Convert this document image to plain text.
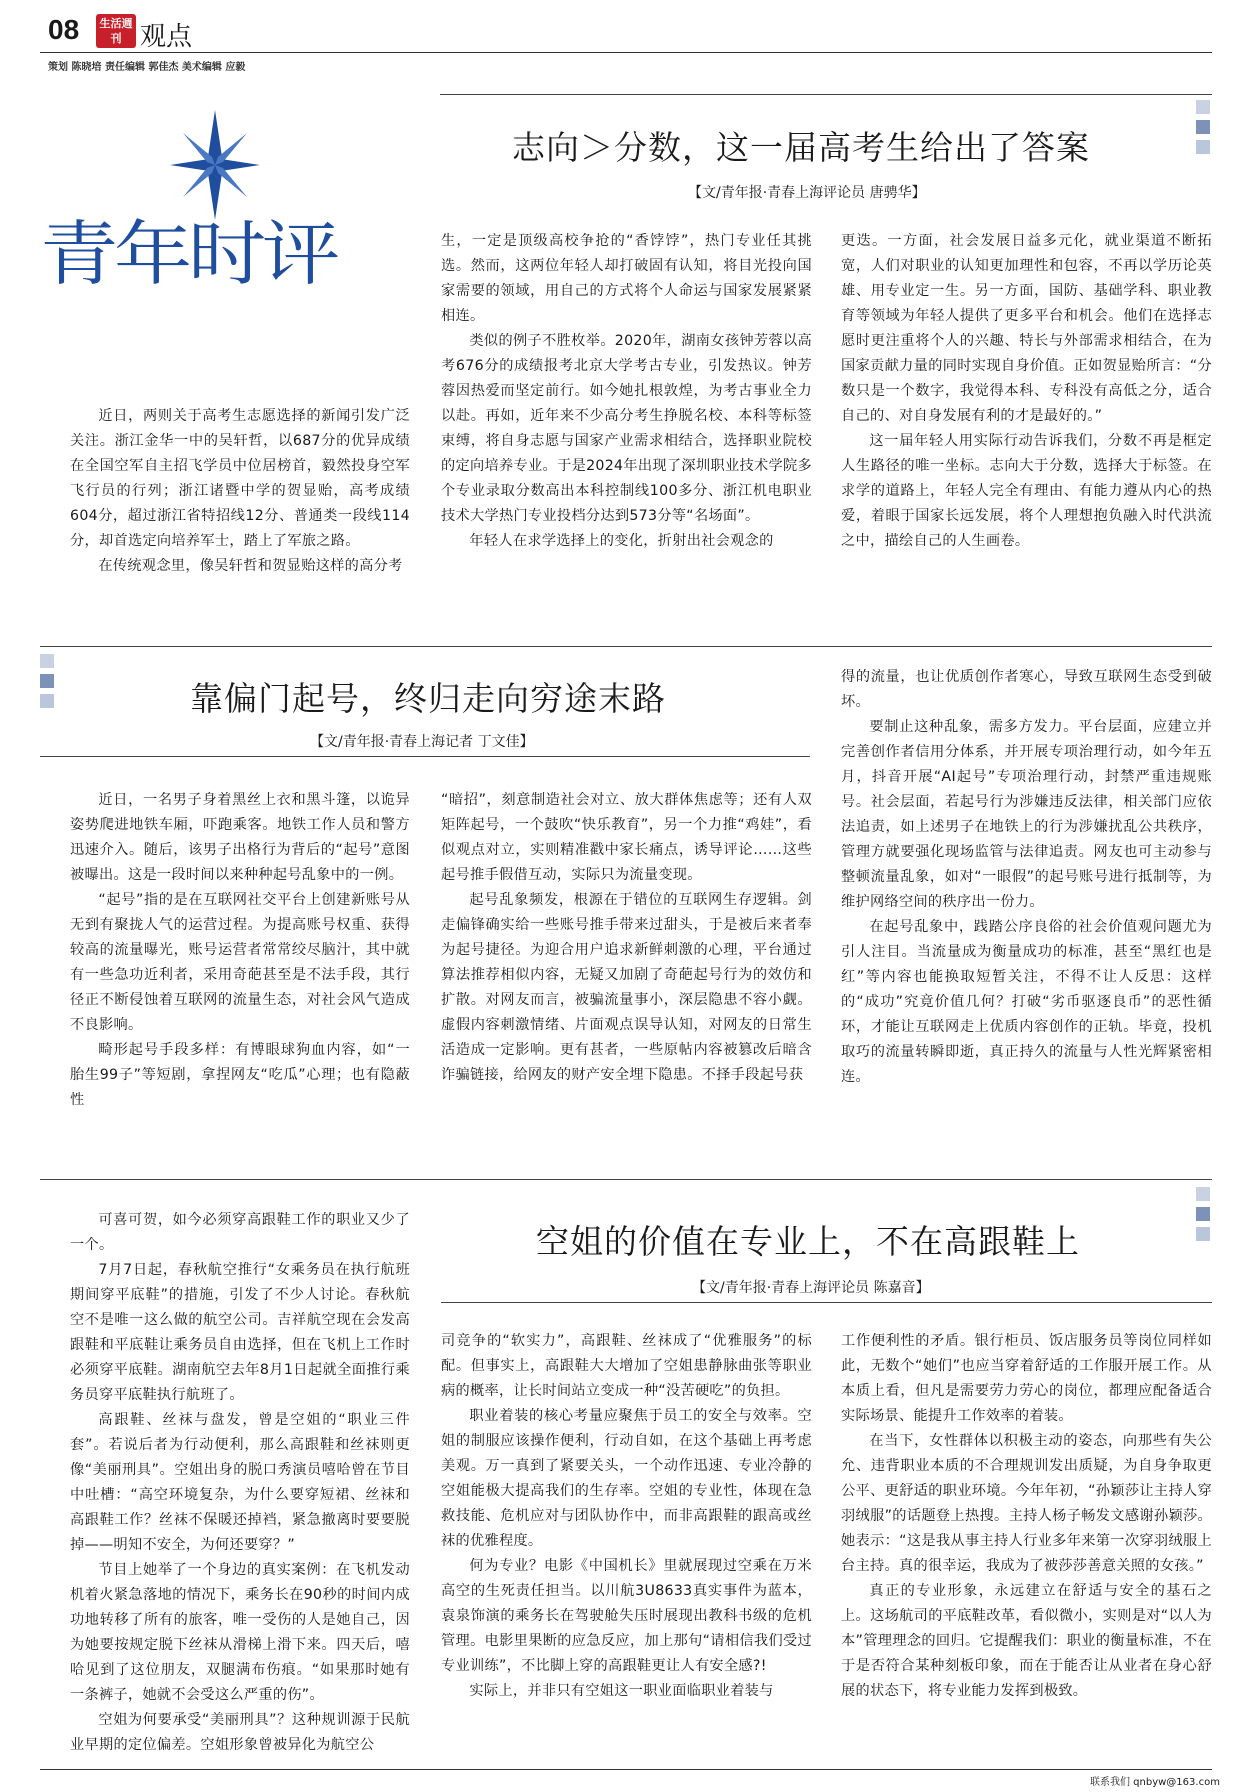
08	生活週刊 观点
策划 陈晓培 责任编辑 郭佳杰 美术编辑 应毅
青年时评
志向＞分数，这一届高考生给出了答案
【文/青年报·青春上海评论员 唐骋华】

近日，两则关于高考生志愿选择的新闻引发广泛关注。浙江金华一中的吴轩哲，以687分的优异成绩在全国空军自主招飞学员中位居榜首，毅然投身空军飞行员的行列；浙江诸暨中学的贺显贻，高考成绩604分，超过浙江省特招线12分、普通类一段线114分，却首选定向培养军士，踏上了军旅之路。

在传统观念里，像吴轩哲和贺显贻这样的高分考

生，一定是顶级高校争抢的“香饽饽”，热门专业任其挑选。然而，这两位年轻人却打破固有认知，将目光投向国家需要的领域，用自己的方式将个人命运与国家发展紧紧相连。

类似的例子不胜枚举。2020年，湖南女孩钟芳蓉以高考676分的成绩报考北京大学考古专业，引发热议。钟芳蓉因热爱而坚定前行。如今她扎根敦煌，为考古事业全力以赴。再如，近年来不少高分考生挣脱名校、本科等标签束缚，将自身志愿与国家产业需求相结合，选择职业院校的定向培养专业。于是2024年出现了深圳职业技术学院多个专业录取分数高出本科控制线100多分、浙江机电职业技术大学热门专业投档分达到573分等“名场面”。

年轻人在求学选择上的变化，折射出社会观念的

更迭。一方面，社会发展日益多元化，就业渠道不断拓宽，人们对职业的认知更加理性和包容，不再以学历论英雄、用专业定一生。另一方面，国防、基础学科、职业教育等领域为年轻人提供了更多平台和机会。他们在选择志愿时更注重将个人的兴趣、特长与外部需求相结合，在为国家贡献力量的同时实现自身价值。正如贺显贻所言：“分数只是一个数字，我觉得本科、专科没有高低之分，适合自己的、对自身发展有利的才是最好的。”

这一届年轻人用实际行动告诉我们，分数不再是框定人生路径的唯一坐标。志向大于分数，选择大于标签。在求学的道路上，年轻人完全有理由、有能力遵从内心的热爱，着眼于国家长远发展，将个人理想抱负融入时代洪流之中，描绘自己的人生画卷。

靠偏门起号，终归走向穷途末路
【文/青年报·青春上海记者 丁文佳】

近日，一名男子身着黑丝上衣和黑斗篷，以诡异姿势爬进地铁车厢，吓跑乘客。地铁工作人员和警方迅速介入。随后，该男子出格行为背后的“起号”意图被曝出。这是一段时间以来种种起号乱象中的一例。

“起号”指的是在互联网社交平台上创建新账号从无到有聚拢人气的运营过程。为提高账号权重、获得较高的流量曝光，账号运营者常常绞尽脑汁，其中就有一些急功近利者，采用奇葩甚至是不法手段，其行径正不断侵蚀着互联网的流量生态，对社会风气造成不良影响。

畸形起号手段多样：有博眼球狗血内容，如“一胎生99子”等短剧，拿捏网友“吃瓜”心理；也有隐蔽性

“暗招”，刻意制造社会对立、放大群体焦虑等；还有人双矩阵起号，一个鼓吹“快乐教育”，另一个力推“鸡娃”，看似观点对立，实则精准戳中家长痛点，诱导评论……这些起号推手假借互动，实际只为流量变现。

起号乱象频发，根源在于错位的互联网生存逻辑。剑走偏锋确实给一些账号推手带来过甜头，于是被后来者奉为起号捷径。为迎合用户追求新鲜刺激的心理，平台通过算法推荐相似内容，无疑又加剧了奇葩起号行为的效仿和扩散。对网友而言，被骗流量事小，深层隐患不容小觑。虚假内容刺激情绪、片面观点误导认知，对网友的日常生活造成一定影响。更有甚者，一些原帖内容被篡改后暗含诈骗链接，给网友的财产安全埋下隐患。不择手段起号获

得的流量，也让优质创作者寒心，导致互联网生态受到破坏。

要制止这种乱象，需多方发力。平台层面，应建立并完善创作者信用分体系，并开展专项治理行动，如今年五月，抖音开展“AI起号”专项治理行动，封禁严重违规账号。社会层面，若起号行为涉嫌违反法律，相关部门应依法追责，如上述男子在地铁上的行为涉嫌扰乱公共秩序，管理方就要强化现场监管与法律追责。网友也可主动参与整顿流量乱象，如对“一眼假”的起号账号进行抵制等，为维护网络空间的秩序出一份力。

在起号乱象中，践踏公序良俗的社会价值观问题尤为引人注目。当流量成为衡量成功的标准，甚至“黑红也是红”等内容也能换取短暂关注，不得不让人反思：这样的“成功”究竟价值几何？打破“劣币驱逐良币”的恶性循环，才能让互联网走上优质内容创作的正轨。毕竟，投机取巧的流量转瞬即逝，真正持久的流量与人性光辉紧密相连。

空姐的价值在专业上，不在高跟鞋上
【文/青年报·青春上海评论员 陈嘉音】

可喜可贺，如今必须穿高跟鞋工作的职业又少了一个。

7月7日起，春秋航空推行“女乘务员在执行航班期间穿平底鞋”的措施，引发了不少人讨论。春秋航空不是唯一这么做的航空公司。吉祥航空现在会发高跟鞋和平底鞋让乘务员自由选择，但在飞机上工作时必须穿平底鞋。湖南航空去年8月1日起就全面推行乘务员穿平底鞋执行航班了。

高跟鞋、丝袜与盘发，曾是空姐的“职业三件套”。若说后者为行动便利，那么高跟鞋和丝袜则更像“美丽刑具”。空姐出身的脱口秀演员嘻哈曾在节目中吐槽：“高空环境复杂，为什么要穿短裙、丝袜和高跟鞋工作？丝袜不保暖还掉裆，紧急撤离时要要脱掉——明知不安全，为何还要穿？”

节目上她举了一个身边的真实案例：在飞机发动机着火紧急落地的情况下，乘务长在90秒的时间内成功地转移了所有的旅客，唯一受伤的人是她自己，因为她要按规定脱下丝袜从滑梯上滑下来。四天后，嘻哈见到了这位朋友，双腿满布伤痕。“如果那时她有一条裤子，她就不会受这么严重的伤”。

空姐为何要承受“美丽刑具”？这种规训源于民航业早期的定位偏差。空姐形象曾被异化为航空公

司竞争的“软实力”，高跟鞋、丝袜成了“优雅服务”的标配。但事实上，高跟鞋大大增加了空姐患静脉曲张等职业病的概率，让长时间站立变成一种“没苦硬吃”的负担。

职业着装的核心考量应聚焦于员工的安全与效率。空姐的制服应该操作便利，行动自如，在这个基础上再考虑美观。万一真到了紧要关头，一个动作迅速、专业冷静的空姐能极大提高我们的生存率。空姐的专业性，体现在急救技能、危机应对与团队协作中，而非高跟鞋的跟高或丝袜的优雅程度。

何为专业？电影《中国机长》里就展现过空乘在万米高空的生死责任担当。以川航3U8633真实事件为蓝本，袁泉饰演的乘务长在驾驶舱失压时展现出教科书级的危机管理。电影里果断的应急反应，加上那句“请相信我们受过专业训练”，不比脚上穿的高跟鞋更让人有安全感?!

实际上，并非只有空姐这一职业面临职业着装与

工作便利性的矛盾。银行柜员、饭店服务员等岗位同样如此，无数个“她们”也应当穿着舒适的工作服开展工作。从本质上看，但凡是需要劳力劳心的岗位，都理应配备适合实际场景、能提升工作效率的着装。

在当下，女性群体以积极主动的姿态，向那些有失公允、违背职业本质的不合理规训发出质疑，为自身争取更公平、更舒适的职业环境。今年年初，“孙颖莎让主持人穿羽绒服”的话题登上热搜。主持人杨子畅发文感谢孙颖莎。她表示：“这是我从事主持人行业多年来第一次穿羽绒服上台主持。真的很幸运，我成为了被莎莎善意关照的女孩。”

真正的专业形象，永远建立在舒适与安全的基石之上。这场航司的平底鞋改革，看似微小，实则是对“以人为本”管理理念的回归。它提醒我们：职业的衡量标准，不在于是否符合某种刻板印象，而在于能否让从业者在身心舒展的状态下，将专业能力发挥到极致。

联系我们 qnbyw@163.com
